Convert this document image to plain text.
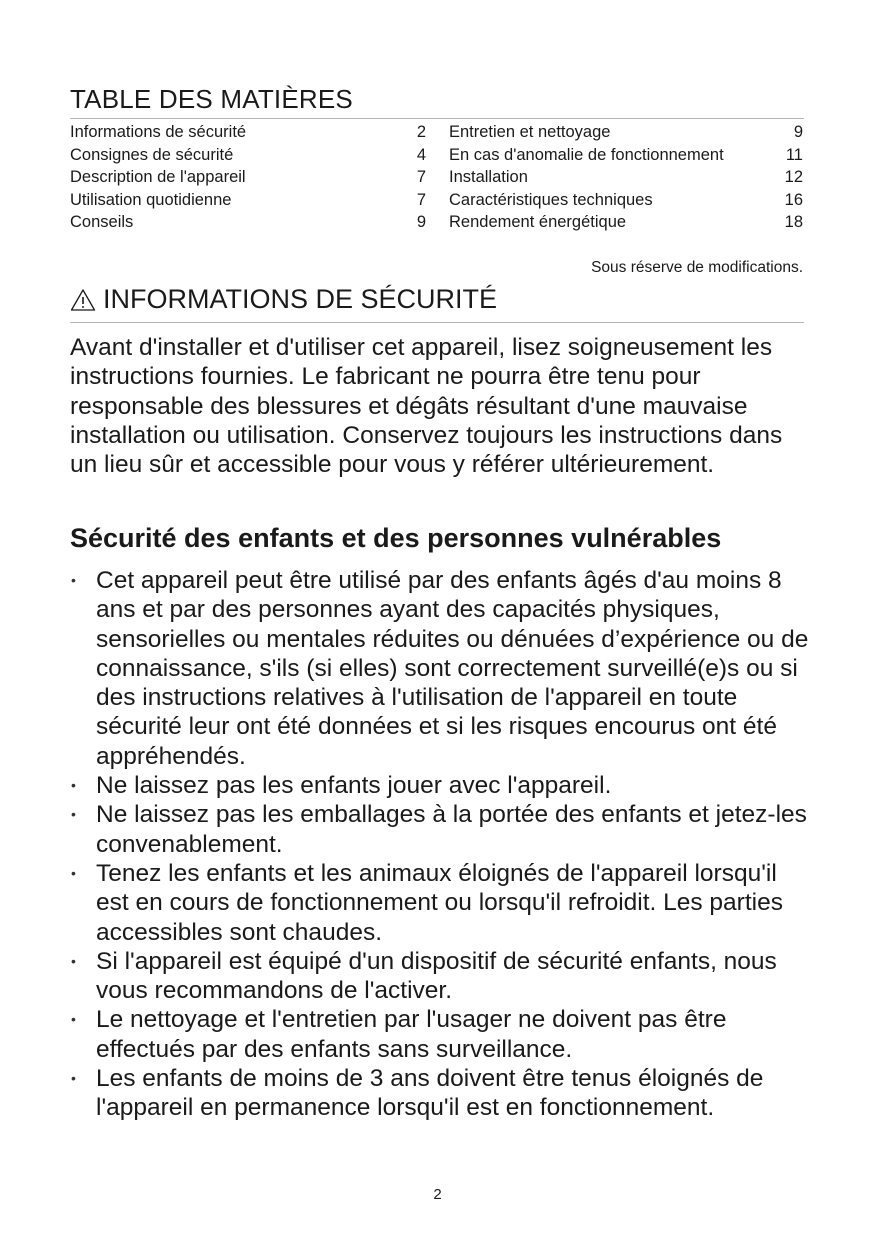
TABLE DES MATIÈRES
Informations de sécurité	2
Consignes de sécurité	4
Description de l'appareil	7
Utilisation quotidienne	7
Conseils	9
Entretien et nettoyage	9
En cas d'anomalie de fonctionnement	11
Installation	12
Caractéristiques techniques	16
Rendement énergétique	18

Sous réserve de modifications.

INFORMATIONS DE SÉCURITÉ

Avant d'installer et d'utiliser cet appareil, lisez soigneusement les instructions fournies. Le fabricant ne pourra être tenu pour responsable des blessures et dégâts résultant d'une mauvaise installation ou utilisation. Conservez toujours les instructions dans un lieu sûr et accessible pour vous y référer ultérieurement.

Sécurité des enfants et des personnes vulnérables
• Cet appareil peut être utilisé par des enfants âgés d'au moins 8 ans et par des personnes ayant des capacités physiques, sensorielles ou mentales réduites ou dénuées d’expérience ou de connaissance, s'ils (si elles) sont correctement surveillé(e)s ou si des instructions relatives à l'utilisation de l'appareil en toute sécurité leur ont été données et si les risques encourus ont été appréhendés.
• Ne laissez pas les enfants jouer avec l'appareil.
• Ne laissez pas les emballages à la portée des enfants et jetez-les convenablement.
• Tenez les enfants et les animaux éloignés de l'appareil lorsqu'il est en cours de fonctionnement ou lorsqu'il refroidit. Les parties accessibles sont chaudes.
• Si l'appareil est équipé d'un dispositif de sécurité enfants, nous vous recommandons de l'activer.
• Le nettoyage et l'entretien par l'usager ne doivent pas être effectués par des enfants sans surveillance.
• Les enfants de moins de 3 ans doivent être tenus éloignés de l'appareil en permanence lorsqu'il est en fonctionnement.
2
